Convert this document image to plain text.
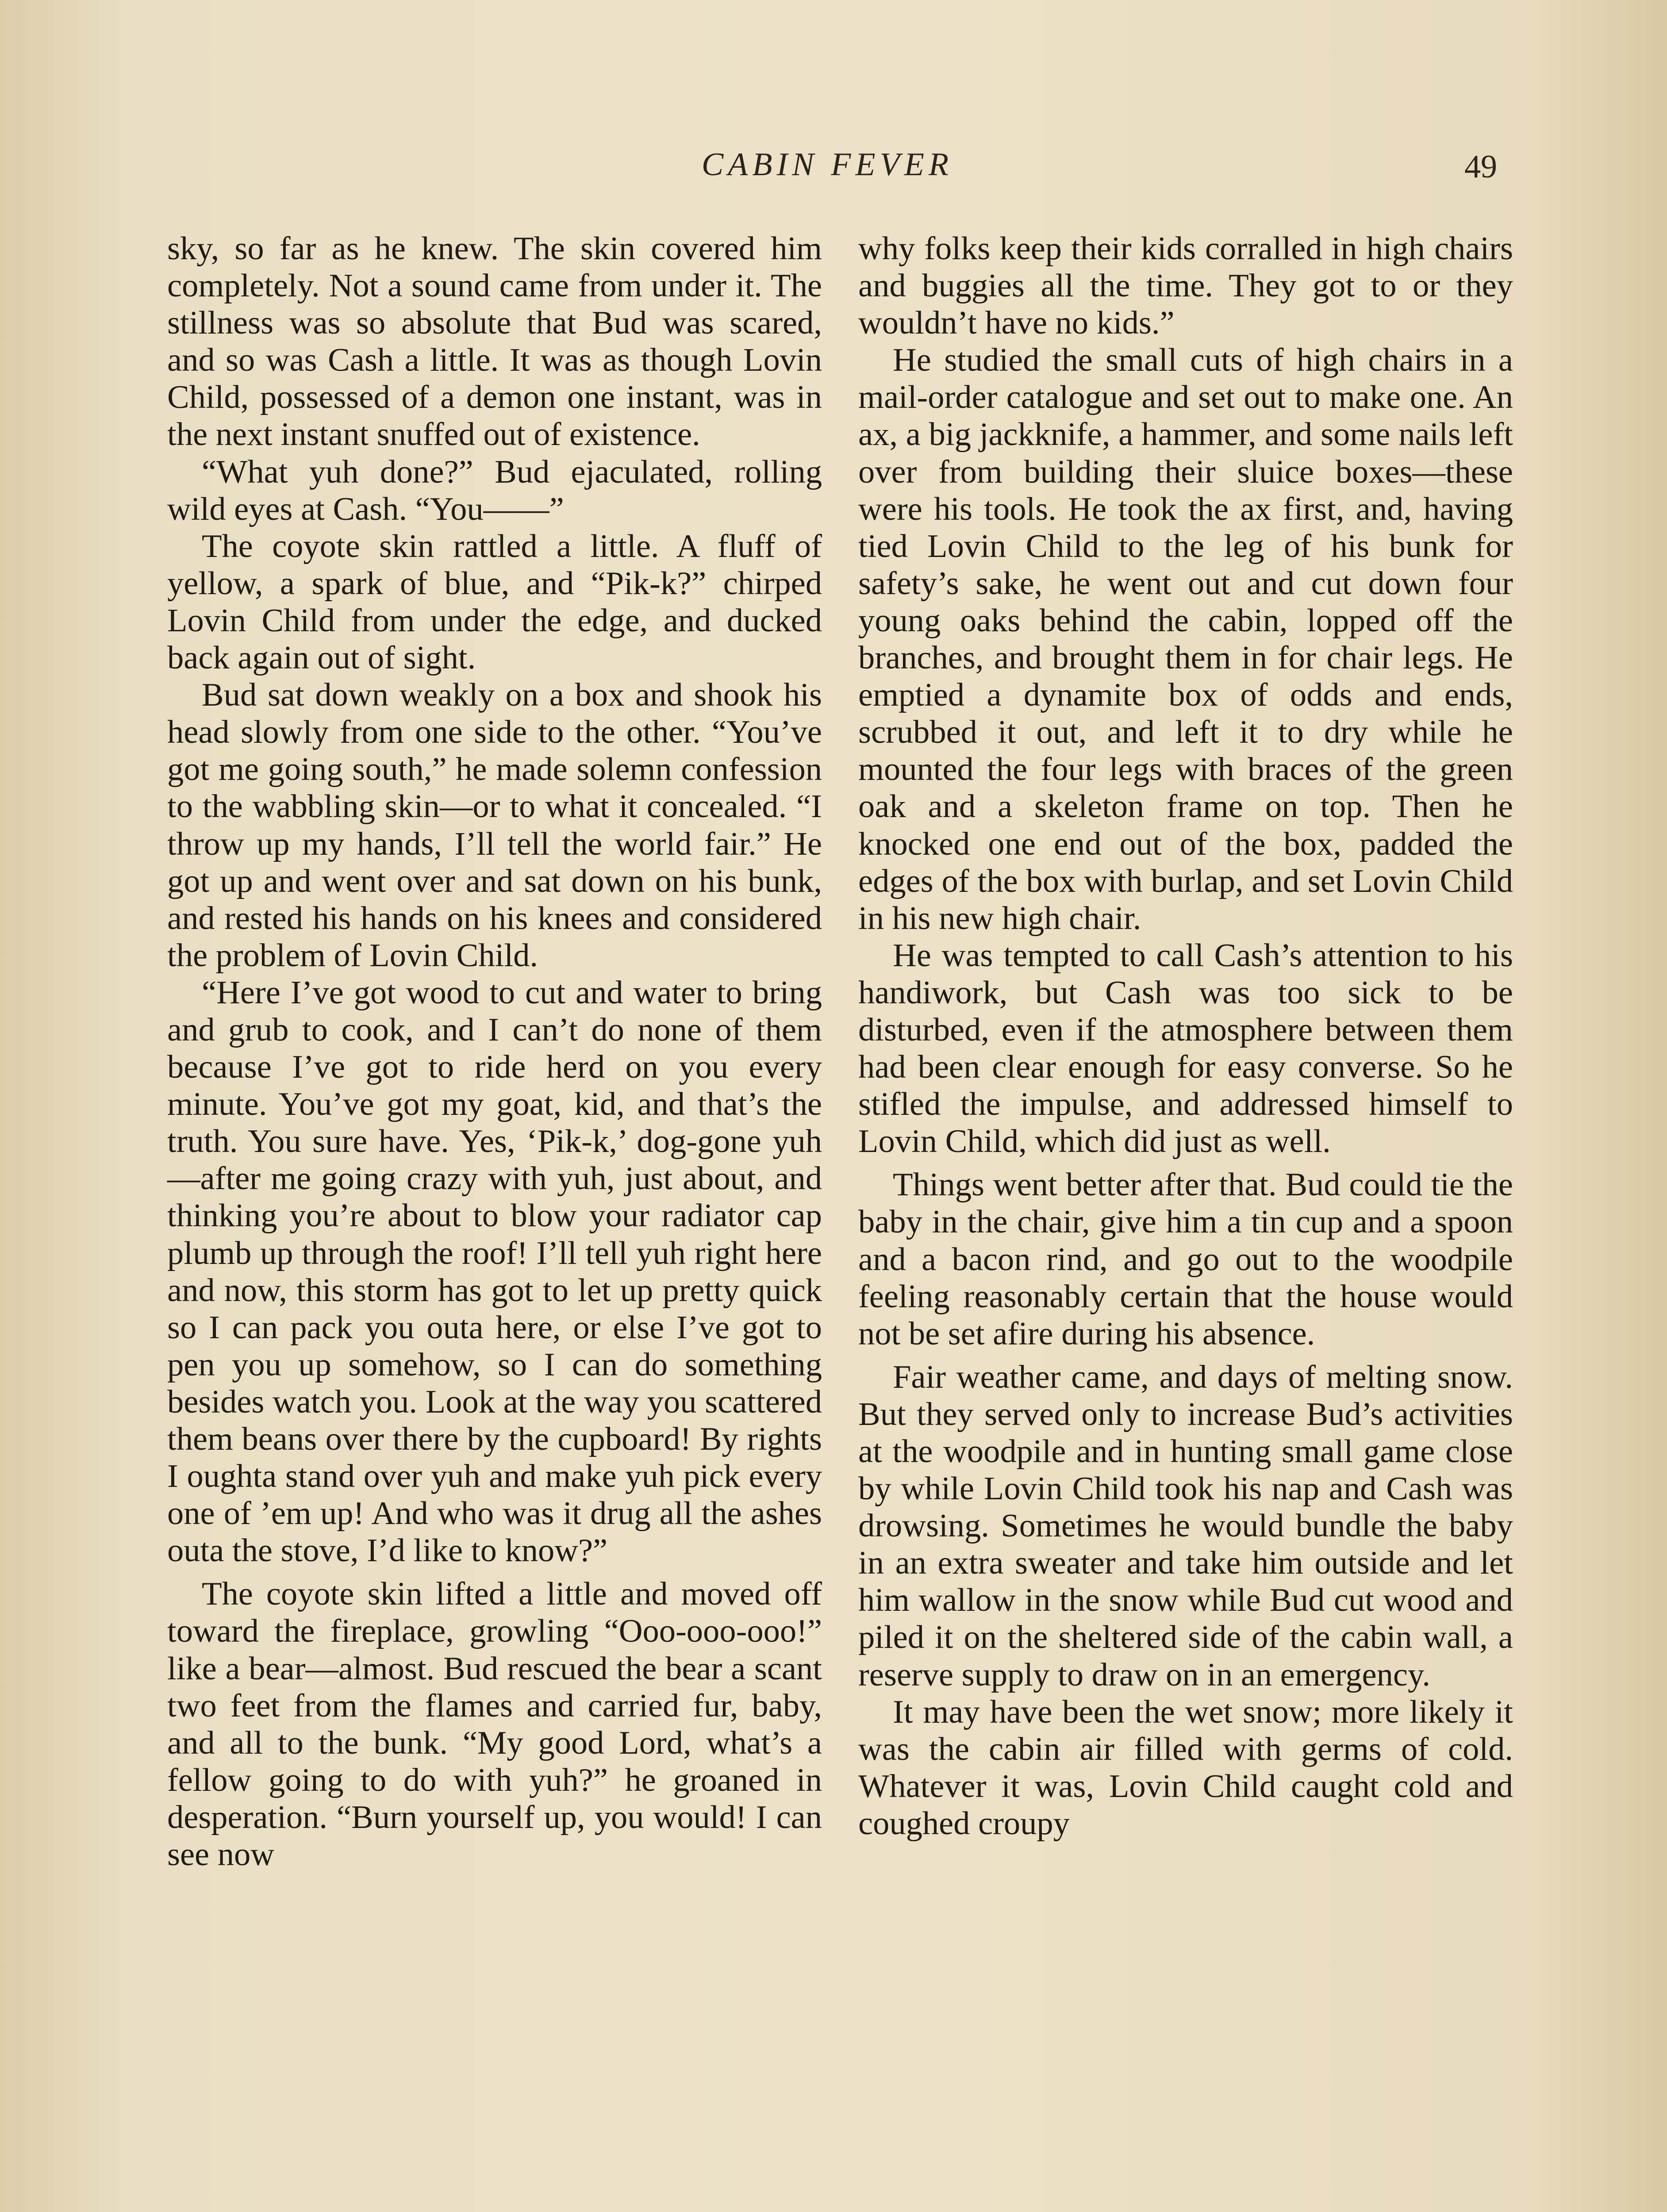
CABIN FEVER	49

sky, so far as he knew. The skin covered him completely. Not a sound came from under it. The stillness was so absolute that Bud was scared, and so was Cash a little. It was as though Lovin Child, possessed of a demon one instant, was in the next instant snuffed out of existence.

“What yuh done?” Bud ejaculated, rolling wild eyes at Cash. “You——”

The coyote skin rattled a little. A fluff of yellow, a spark of blue, and “Pik-k?” chirped Lovin Child from under the edge, and ducked back again out of sight.

Bud sat down weakly on a box and shook his head slowly from one side to the other. “You’ve got me going south,” he made solemn confession to the wabbling skin—or to what it concealed. “I throw up my hands, I’ll tell the world fair.” He got up and went over and sat down on his bunk, and rested his hands on his knees and considered the problem of Lovin Child.

“Here I’ve got wood to cut and water to bring and grub to cook, and I can’t do none of them because I’ve got to ride herd on you every minute. You’ve got my goat, kid, and that’s the truth. You sure have. Yes, ‘Pik-k,’ dog-gone yuh—after me going crazy with yuh, just about, and thinking you’re about to blow your radiator cap plumb up through the roof! I’ll tell yuh right here and now, this storm has got to let up pretty quick so I can pack you outa here, or else I’ve got to pen you up somehow, so I can do something besides watch you. Look at the way you scattered them beans over there by the cupboard! By rights I oughta stand over yuh and make yuh pick every one of ’em up! And who was it drug all the ashes outa the stove, I’d like to know?”

The coyote skin lifted a little and moved off toward the fireplace, growling “Ooo-ooo-ooo!” like a bear—almost. Bud rescued the bear a scant two feet from the flames and carried fur, baby, and all to the bunk. “My good Lord, what’s a fellow going to do with yuh?” he groaned in desperation. “Burn yourself up, you would! I can see now

why folks keep their kids corralled in high chairs and buggies all the time. They got to or they wouldn’t have no kids.”

He studied the small cuts of high chairs in a mail-order catalogue and set out to make one. An ax, a big jackknife, a hammer, and some nails left over from building their sluice boxes—these were his tools. He took the ax first, and, having tied Lovin Child to the leg of his bunk for safety’s sake, he went out and cut down four young oaks behind the cabin, lopped off the branches, and brought them in for chair legs. He emptied a dynamite box of odds and ends, scrubbed it out, and left it to dry while he mounted the four legs with braces of the green oak and a skeleton frame on top. Then he knocked one end out of the box, padded the edges of the box with burlap, and set Lovin Child in his new high chair.

He was tempted to call Cash’s attention to his handiwork, but Cash was too sick to be disturbed, even if the atmosphere between them had been clear enough for easy converse. So he stifled the impulse, and addressed himself to Lovin Child, which did just as well.

Things went better after that. Bud could tie the baby in the chair, give him a tin cup and a spoon and a bacon rind, and go out to the woodpile feeling reasonably certain that the house would not be set afire during his absence.

Fair weather came, and days of melting snow. But they served only to increase Bud’s activities at the woodpile and in hunting small game close by while Lovin Child took his nap and Cash was drowsing. Sometimes he would bundle the baby in an extra sweater and take him outside and let him wallow in the snow while Bud cut wood and piled it on the sheltered side of the cabin wall, a reserve supply to draw on in an emergency.

It may have been the wet snow; more likely it was the cabin air filled with germs of cold. Whatever it was, Lovin Child caught cold and coughed croupy
